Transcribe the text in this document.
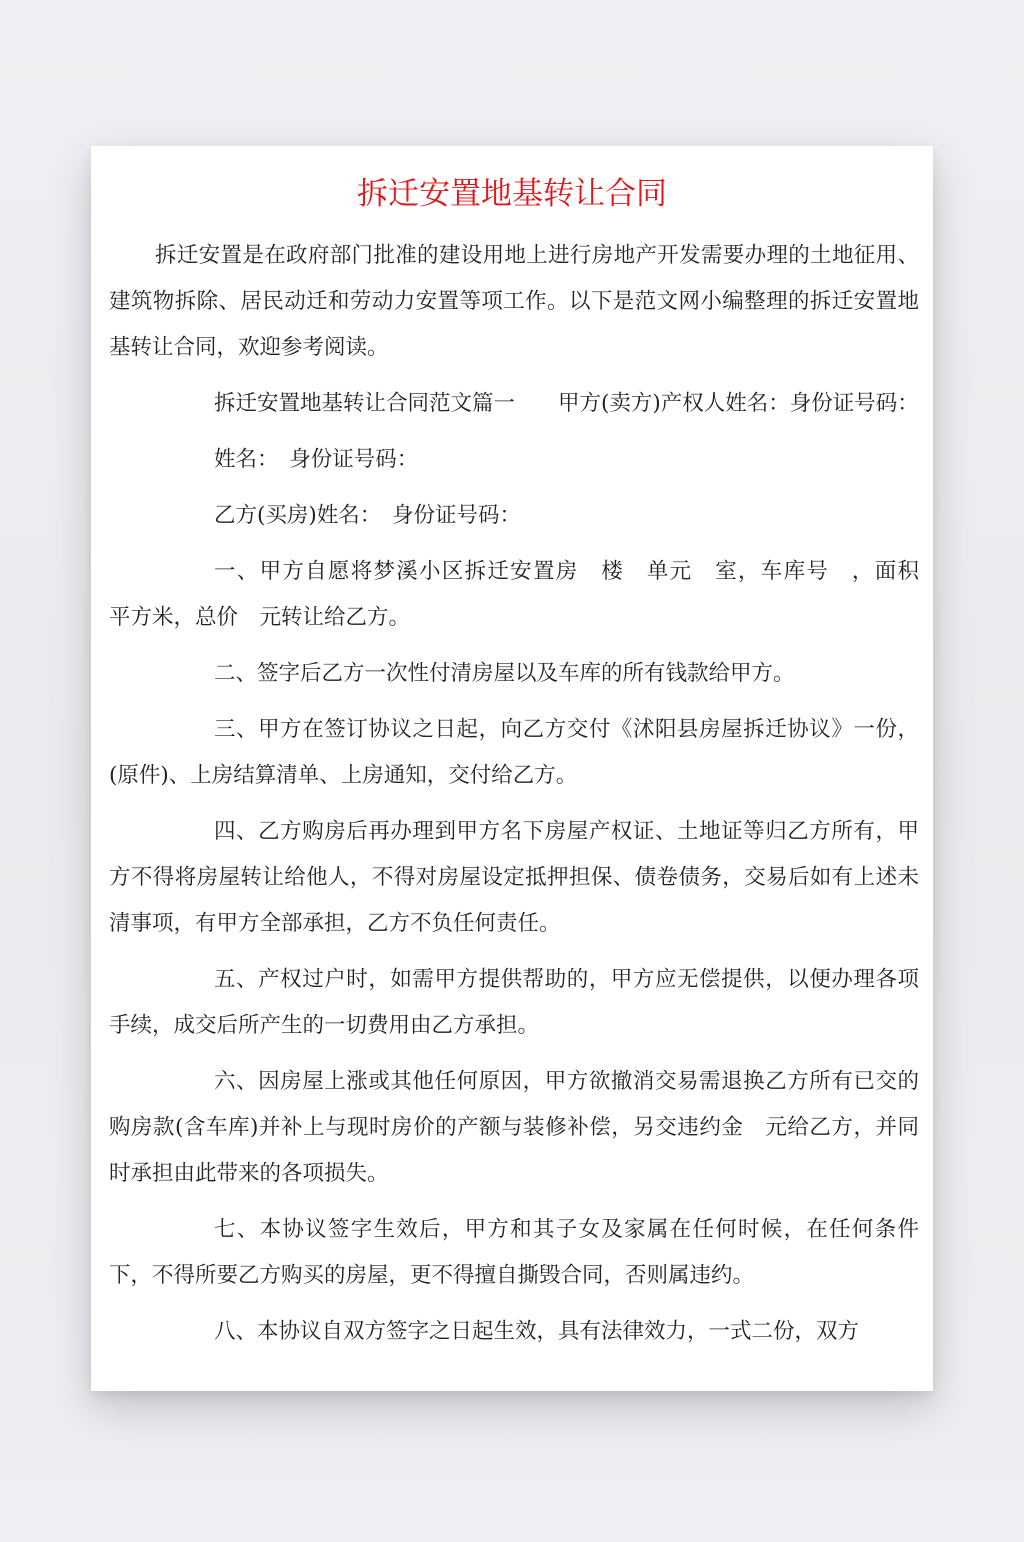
拆迁安置地基转让合同

拆迁安置是在政府部门批准的建设用地上进行房地产开发需要办理的土地征用、建筑物拆除、居民动迁和劳动力安置等项工作。以下是范文网小编整理的拆迁安置地基转让合同，欢迎参考阅读。

拆迁安置地基转让合同范文篇一　　甲方(卖方)产权人姓名：身份证号码：

姓名：　身份证号码：

乙方(买房)姓名：　身份证号码：

一、甲方自愿将梦溪小区拆迁安置房　楼　单元　室，车库号　，面积　平方米，总价　元转让给乙方。

二、签字后乙方一次性付清房屋以及车库的所有钱款给甲方。

三、甲方在签订协议之日起，向乙方交付《沭阳县房屋拆迁协议》一份，(原件)、上房结算清单、上房通知，交付给乙方。

四、乙方购房后再办理到甲方名下房屋产权证、土地证等归乙方所有，甲方不得将房屋转让给他人，不得对房屋设定抵押担保、债卷债务，交易后如有上述未清事项，有甲方全部承担，乙方不负任何责任。

五、产权过户时，如需甲方提供帮助的，甲方应无偿提供，以便办理各项手续，成交后所产生的一切费用由乙方承担。

六、因房屋上涨或其他任何原因，甲方欲撤消交易需退换乙方所有已交的购房款(含车库)并补上与现时房价的产额与装修补偿，另交违约金　元给乙方，并同时承担由此带来的各项损失。

七、本协议签字生效后，甲方和其子女及家属在任何时候，在任何条件下，不得所要乙方购买的房屋，更不得擅自撕毁合同，否则属违约。

八、本协议自双方签字之日起生效，具有法律效力，一式二份，双方
